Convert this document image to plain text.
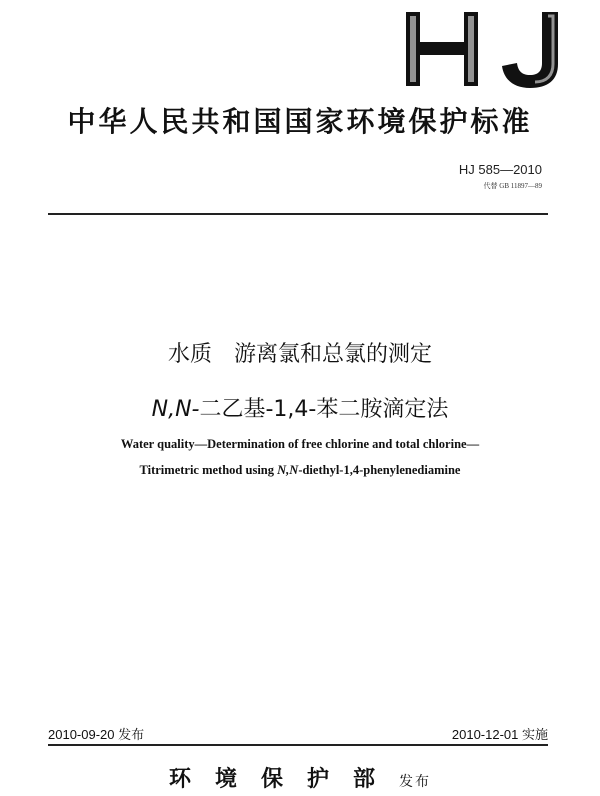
中华人民共和国国家环境保护标准
HJ 585—2010
代替 GB 11897—89
水质　游离氯和总氯的测定
N,N-二乙基-1,4-苯二胺滴定法
Water quality—Determination of free chlorine and total chlorine—
Titrimetric method using N,N-diethyl-1,4-phenylenediamine
2010-09-20 发布	2010-12-01 实施
环境保护部发布
